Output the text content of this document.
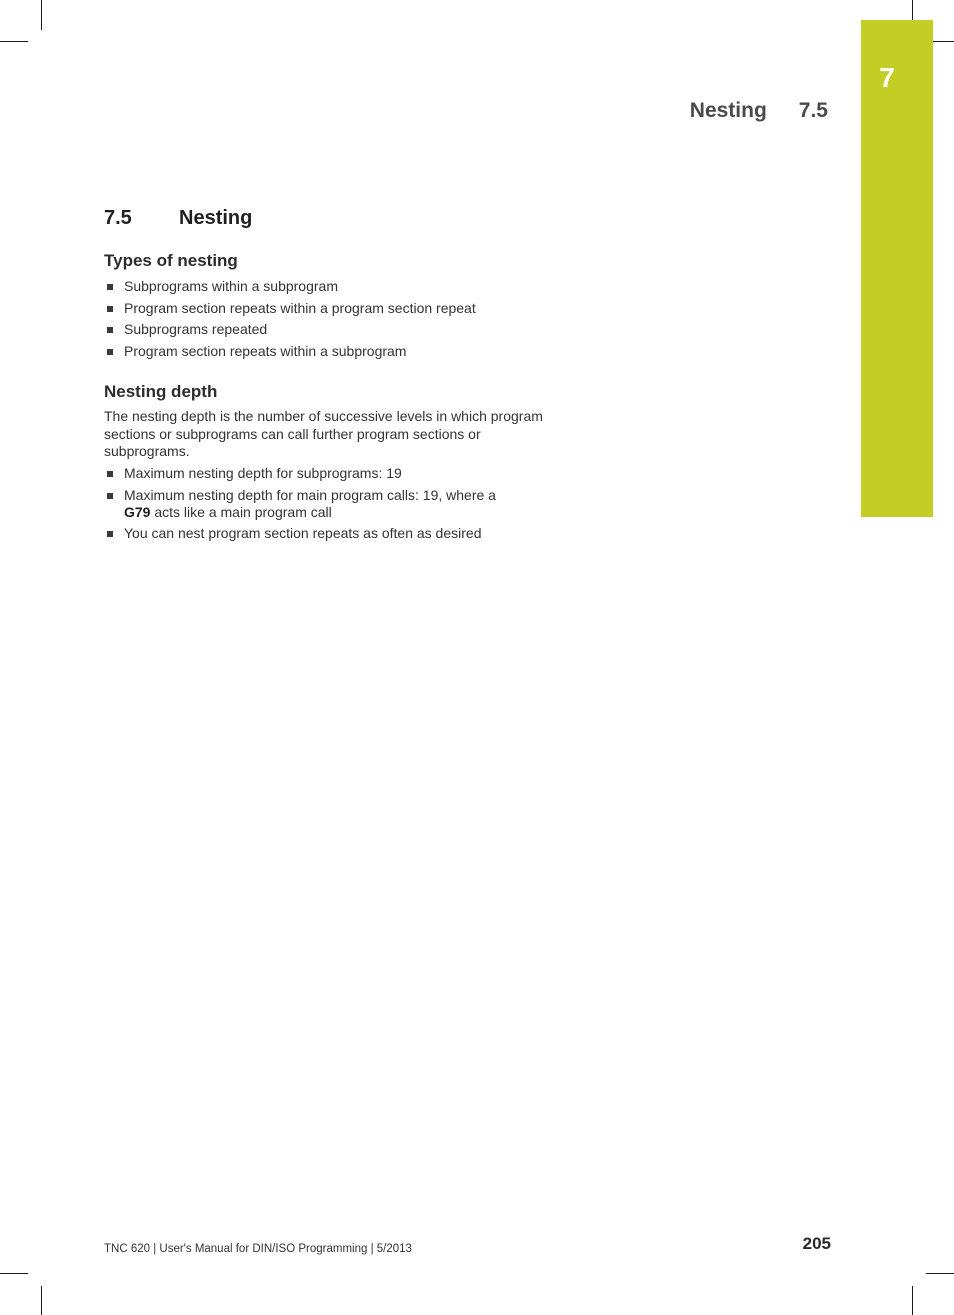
7
Nesting 7.5
7.5	Nesting
Types of nesting
Subprograms within a subprogram
Program section repeats within a program section repeat
Subprograms repeated
Program section repeats within a subprogram
Nesting depth
The nesting depth is the number of successive levels in which program sections or subprograms can call further program sections or subprograms.
Maximum nesting depth for subprograms: 19
Maximum nesting depth for main program calls: 19, where a
G79 acts like a main program call
You can nest program section repeats as often as desired
TNC 620 | User's Manual for DIN/ISO Programming | 5/2013	205
